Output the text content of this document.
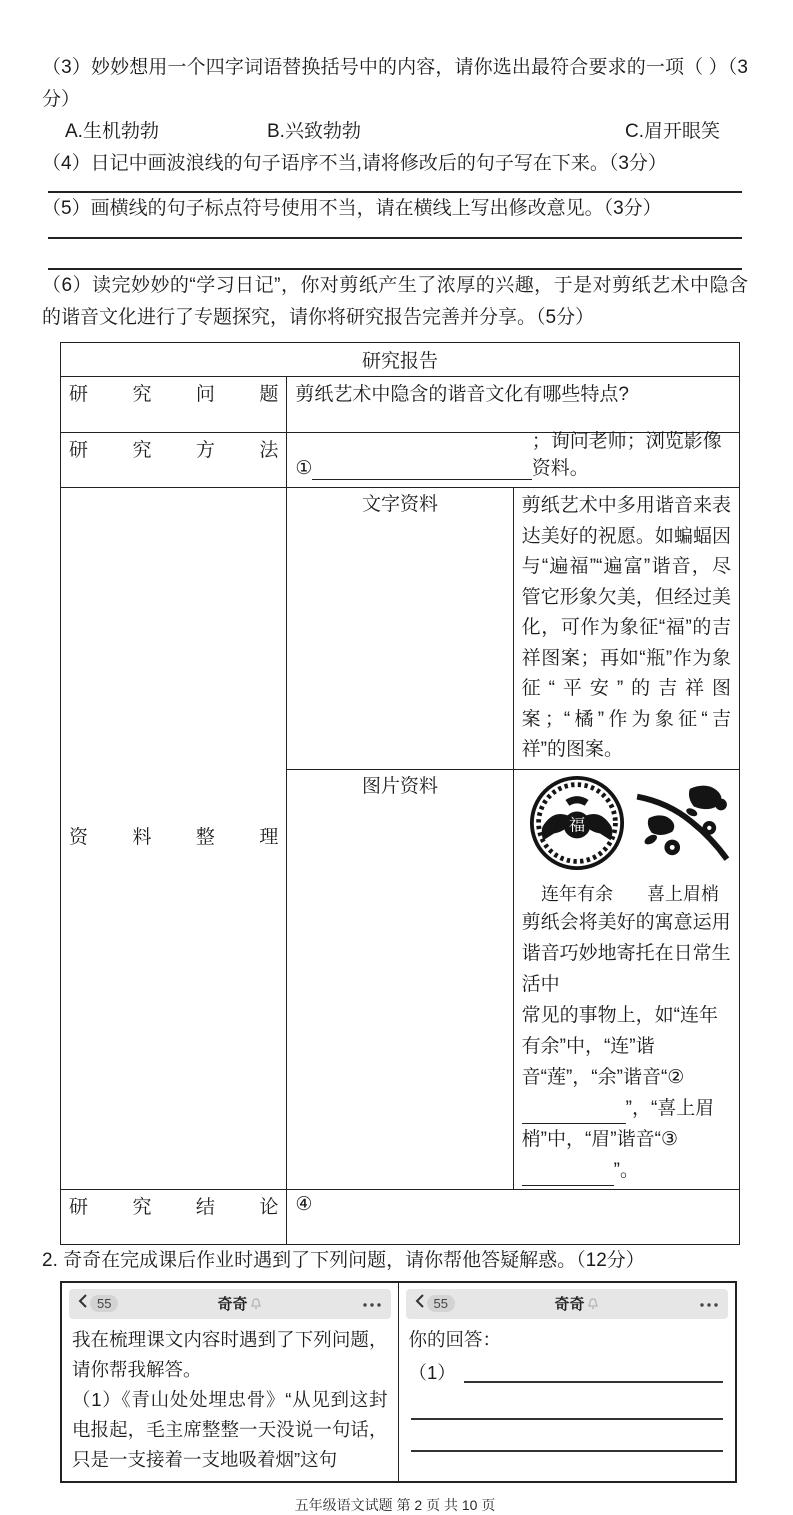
（3）妙妙想用一个四字词语替换括号中的内容，请你选出最符合要求的一项（ ）（3分）

A.生机勃勃	B.兴致勃勃	C.眉开眼笑

（4）日记中画波浪线的句子语序不当,请将修改后的句子写在下来。（3分）

（5）画横线的句子标点符号使用不当，请在横线上写出修改意见。（3分）

（6）读完妙妙的“学习日记”，你对剪纸产生了浓厚的兴趣，于是对剪纸艺术中隐含的谐音文化进行了专题探究，请你将研究报告完善并分享。（5分）

研究报告		
研究问题	剪纸艺术中隐含的谐音文化有哪些特点?	
研究方法	①
；询问老师；浏览影像资料。	

资料整理	文字资料	剪纸艺术中多用谐音来表达美好的祝愿。如蝙蝠因与“遍福”“遍富”谐音，尽管它形象欠美，但经过美化，可作为象征“福”的吉祥图案；再如“瓶”作为象征“平安”的吉祥图案；“橘”作为象征“吉祥”的图案。
	图片资料	福
连年有余 喜上眉梢
剪纸会将美好的寓意运用谐音巧妙地寄托在日常生活中
常见的事物上，如“连年有余”中，“连”谐音“莲”，“余”谐音“②”，“喜上眉梢”中，“眉”谐音“③”。
研究结论	④	

2. 奇奇在完成课后作业时遇到了下列问题，请你帮他答疑解惑。（12分）

55	奇奇

我在梳理课文内容时遇到了下列问题，请你帮我解答。

（1）《青山处处埋忠骨》“从见到这封电报起，毛主席整整一天没说一句话，只是一支接着一支地吸着烟”这句

55	奇奇

你的回答：

（1）

五年级语文试题 第 2 页 共 10 页
